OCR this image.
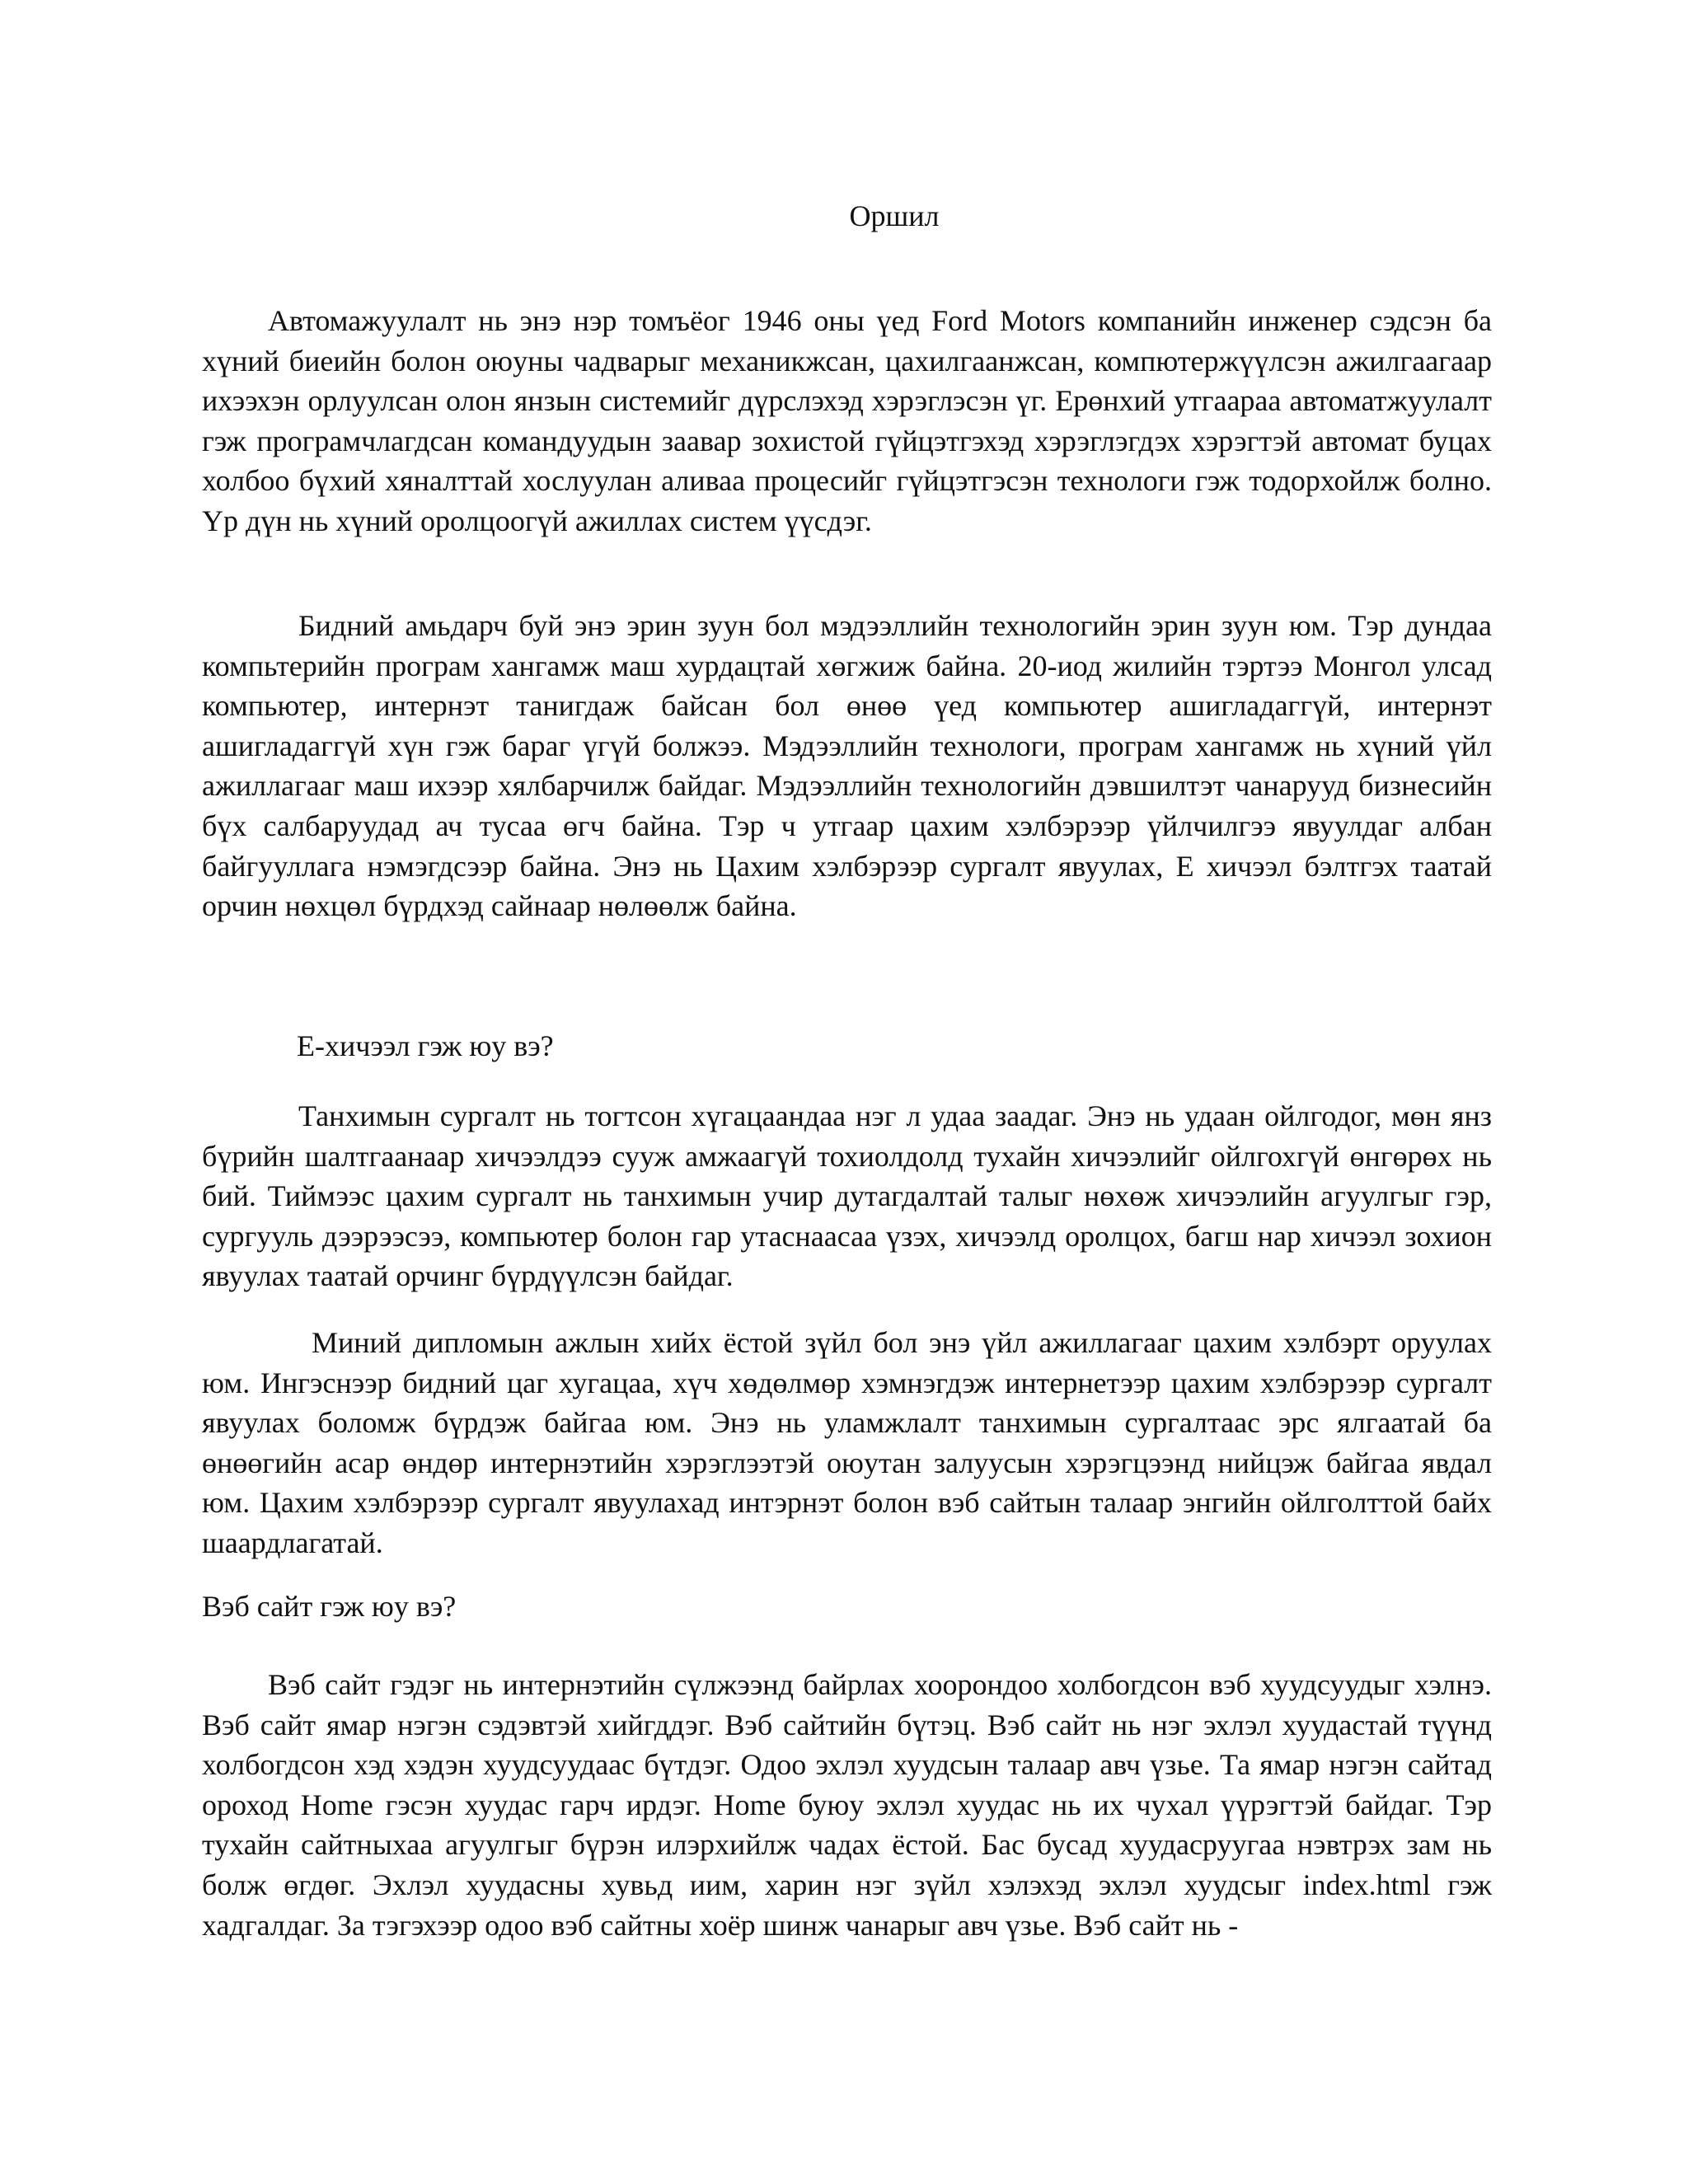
Оршил

Автомажуулалт нь энэ нэр томъёог 1946 оны үед Ford Motors компанийн инженер сэдсэн ба хүний биеийн болон оюуны чадварыг механикжсан, цахилгаанжсан, компютержүүлсэн ажилгаагаар ихээхэн орлуулсан олон янзын системийг дүрслэхэд хэрэглэсэн үг. Ерөнхий утгаараа автоматжуулалт гэж програмчлагдсан командуудын заавар зохистой гүйцэтгэхэд хэрэглэгдэх хэрэгтэй автомат буцах холбоо бүхий хяналттай хослуулан аливаа процесийг гүйцэтгэсэн технологи гэж тодорхойлж болно. Үр дүн нь хүний оролцоогүй ажиллах систем үүсдэг.

Бидний амьдарч буй энэ эрин зуун бол мэдээллийн технологийн эрин зуун юм. Тэр дундаа компьтерийн програм хангамж маш хурдацтай хөгжиж байна. 20-иод жилийн тэртээ Монгол улсад компьютер, интернэт танигдаж байсан бол өнөө үед компьютер ашигладаггүй, интернэт ашигладаггүй хүн гэж бараг үгүй болжээ. Мэдээллийн технологи, програм хангамж нь хүний үйл ажиллагааг маш ихээр хялбарчилж байдаг. Мэдээллийн технологийн дэвшилтэт чанарууд бизнесийн бүх салбаруудад ач тусаа өгч байна. Тэр ч утгаар цахим хэлбэрээр үйлчилгээ явуулдаг албан байгууллага нэмэгдсээр байна. Энэ нь Цахим хэлбэрээр сургалт явуулах, Е хичээл бэлтгэх таатай орчин нөхцөл бүрдхэд сайнаар нөлөөлж байна.

Е-хичээл гэж юу вэ?

Танхимын сургалт нь тогтсон хүгацаандаа нэг л удаа заадаг. Энэ нь удаан ойлгодог, мөн янз бүрийн шалтгаанаар хичээлдээ сууж амжаагүй тохиолдолд тухайн хичээлийг ойлгохгүй өнгөрөх нь бий. Тиймээс цахим сургалт нь танхимын учир дутагдалтай талыг нөхөж хичээлийн агуулгыг гэр, сургууль дээрээсээ, компьютер болон гар утаснаасаа үзэх, хичээлд оролцох, багш нар хичээл зохион явуулах таатай орчинг бүрдүүлсэн байдаг.

Миний дипломын ажлын хийх ёстой зүйл бол энэ үйл ажиллагааг цахим хэлбэрт оруулах юм. Ингэснээр бидний цаг хугацаа, хүч хөдөлмөр хэмнэгдэж интернетээр цахим хэлбэрээр сургалт явуулах боломж бүрдэж байгаа юм. Энэ нь уламжлалт танхимын сургалтаас эрс ялгаатай ба өнөөгийн асар өндөр интернэтийн хэрэглээтэй оюутан залуусын хэрэгцээнд нийцэж байгаа явдал юм. Цахим хэлбэрээр сургалт явуулахад интэрнэт болон вэб сайтын талаар энгийн ойлголттой байх шаардлагатай.

Вэб сайт гэж юу вэ?

Вэб сайт гэдэг нь интернэтийн сүлжээнд байрлах хоорондоо холбогдсон вэб хуудсуудыг хэлнэ. Вэб сайт ямар нэгэн сэдэвтэй хийгддэг. Вэб сайтийн бүтэц. Вэб сайт нь нэг эхлэл хуудастай түүнд холбогдсон хэд хэдэн хуудсуудаас бүтдэг. Одоо эхлэл хуудсын талаар авч үзье. Та ямар нэгэн сайтад ороход Home гэсэн хуудас гарч ирдэг. Home буюу эхлэл хуудас нь их чухал үүрэгтэй байдаг. Тэр тухайн сайтныхаа агуулгыг бүрэн илэрхийлж чадах ёстой. Бас бусад хуудасруугаа нэвтрэх зам нь болж өгдөг. Эхлэл хуудасны хувьд иим, харин нэг зүйл хэлэхэд эхлэл хуудсыг index.html гэж хадгалдаг. За тэгэхээр одоо вэб сайтны хоёр шинж чанарыг авч үзье. Вэб сайт нь -
